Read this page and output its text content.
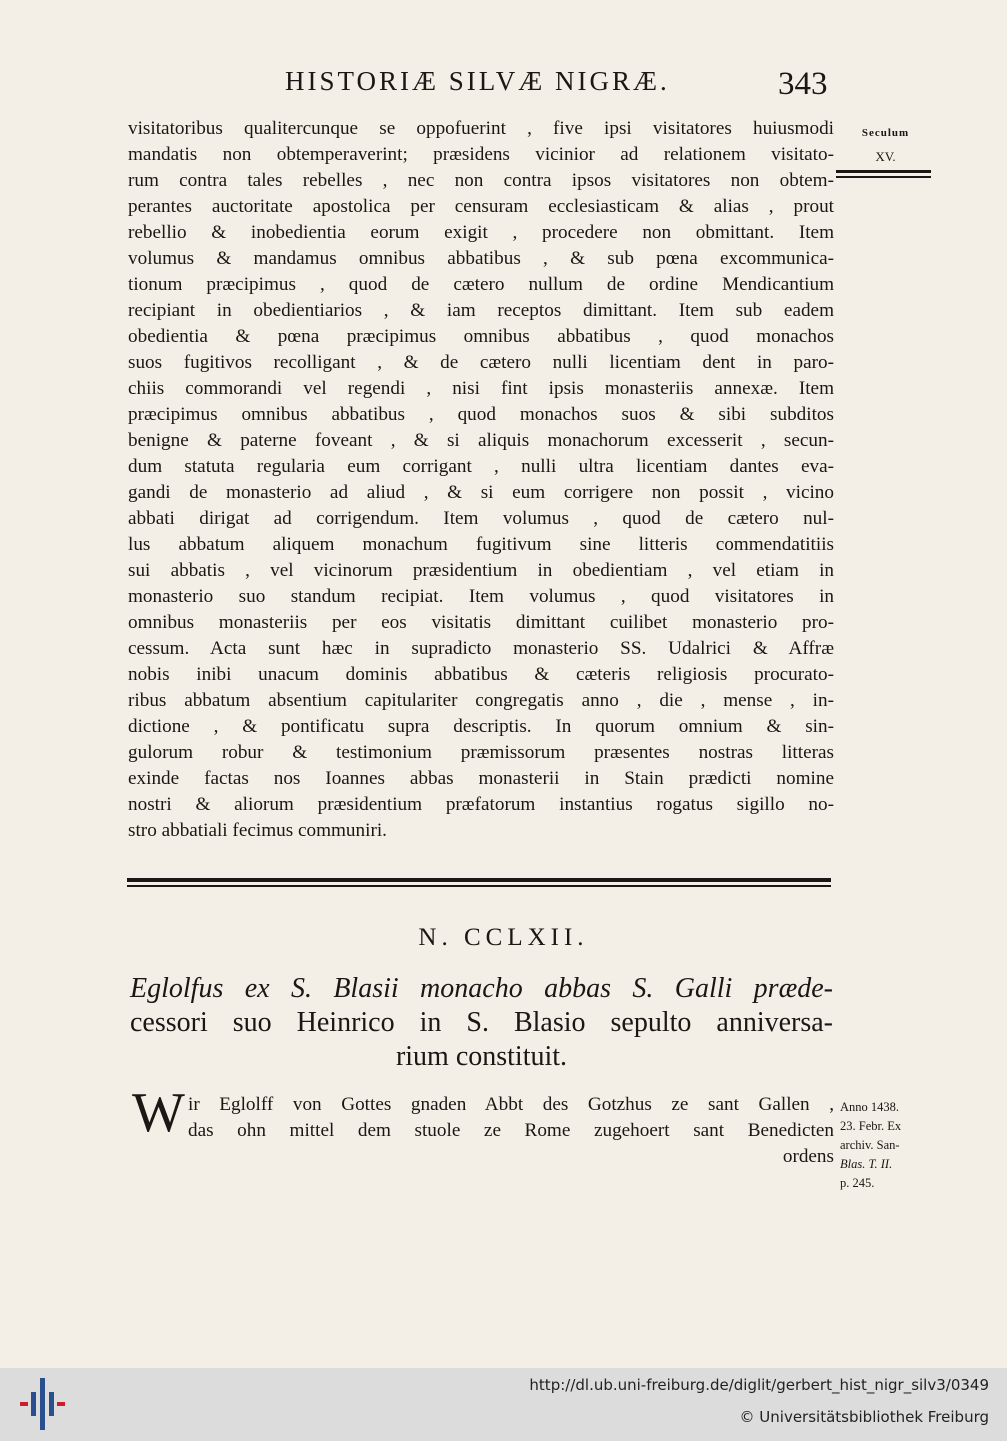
HISTORIÆ SILVÆ NIGRÆ.	343
Seculum
XV.
visitatoribus qualitercunque se oppofuerint , five ipsi visitatores huiusmodi
mandatis non obtemperaverint; præsidens vicinior ad relationem visitato-
rum contra tales rebelles , nec non contra ipsos visitatores non obtem-
perantes auctoritate apostolica per censuram ecclesiasticam & alias , prout
rebellio & inobedientia eorum exigit , procedere non obmittant. Item
volumus & mandamus omnibus abbatibus , & sub pœna excommunica-
tionum præcipimus , quod de cætero nullum de ordine Mendicantium
recipiant in obedientiarios , & iam receptos dimittant. Item sub eadem
obedientia & pœna præcipimus omnibus abbatibus , quod monachos
suos fugitivos recolligant , & de cætero nulli licentiam dent in paro-
chiis commorandi vel regendi , nisi fint ipsis monasteriis annexæ. Item
præcipimus omnibus abbatibus , quod monachos suos & sibi subditos
benigne & paterne foveant , & si aliquis monachorum excesserit , secun-
dum statuta regularia eum corrigant , nulli ultra licentiam dantes eva-
gandi de monasterio ad aliud , & si eum corrigere non possit , vicino
abbati dirigat ad corrigendum. Item volumus , quod de cætero nul-
lus abbatum aliquem monachum fugitivum sine litteris commendatitiis
sui abbatis , vel vicinorum præsidentium in obedientiam , vel etiam in
monasterio suo standum recipiat. Item volumus , quod visitatores in
omnibus monasteriis per eos visitatis dimittant cuilibet monasterio pro-
cessum. Acta sunt hæc in supradicto monasterio SS. Udalrici & Affræ
nobis inibi unacum dominis abbatibus & cæteris religiosis procurato-
ribus abbatum absentium capitulariter congregatis anno , die , mense , in-
dictione , & pontificatu supra descriptis. In quorum omnium & sin-
gulorum robur & testimonium præmissorum præsentes nostras litteras
exinde factas nos Ioannes abbas monasterii in Stain prædicti nomine
nostri & aliorum præsidentium præfatorum instantius rogatus sigillo no-
stro abbatiali fecimus communiri.
N. CCLXII.
Eglolfus ex S. Blasii monacho abbas S. Galli præde-
cessori suo Heinrico in S. Blasio sepulto anniversa-
rium constituit.
W ir Eglolff von Gottes gnaden Abbt des Gotzhus ze sant Gallen ,
das ohn mittel dem stuole ze Rome zugehoert sant Benedicten
ordens
Anno 1438.
23. Febr. Ex
archiv. San-
Blas. T. II.
p. 245.
http://dl.ub.uni-freiburg.de/diglit/gerbert_hist_nigr_silv3/0349
© Universitätsbibliothek Freiburg
